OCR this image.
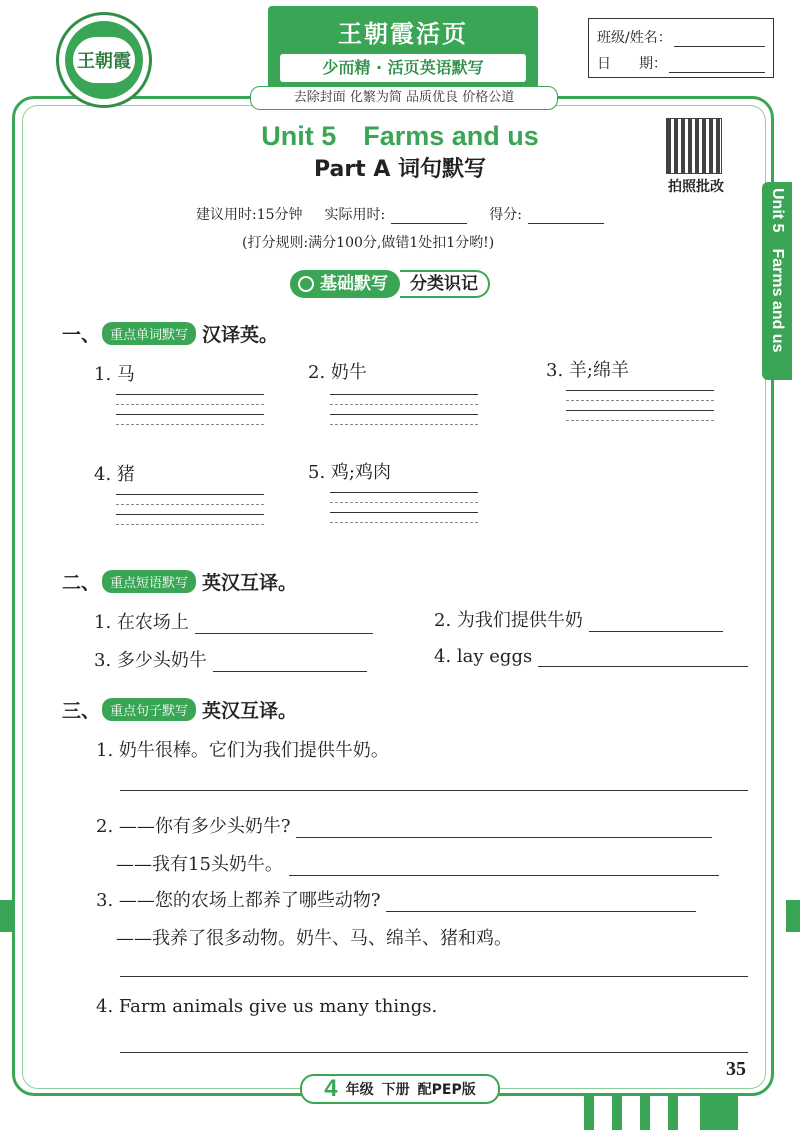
王朝霞
王朝霞活页
少而精 · 活页英语默写
去除封面 化繁为简 品质优良 价格公道
班级/姓名：
日　　期：
Unit 5　Farms and us
Part A 词句默写
拍照批改
建议用时:15分钟 实际用时:	得分:
(打分规则:满分100分,做错1处扣1分哟!)
基础默写	分类识记
一、 重点单词默写 汉译英。
1. 马	2. 奶牛	3. 羊;绵羊
4. 猪	5. 鸡;鸡肉
二、 重点短语默写 英汉互译。
1. 在农场上	2. 为我们提供牛奶
3. 多少头奶牛	4. lay eggs
三、 重点句子默写 英汉互译。
1. 奶牛很棒。它们为我们提供牛奶。
2. ——你有多少头奶牛?
——我有15头奶牛。
3. ——您的农场上都养了哪些动物?
——我养了很多动物。奶牛、马、绵羊、猪和鸡。
4. Farm animals give us many things.
Unit 5　Farms and us
4 年级 下册 配PEP版
35
